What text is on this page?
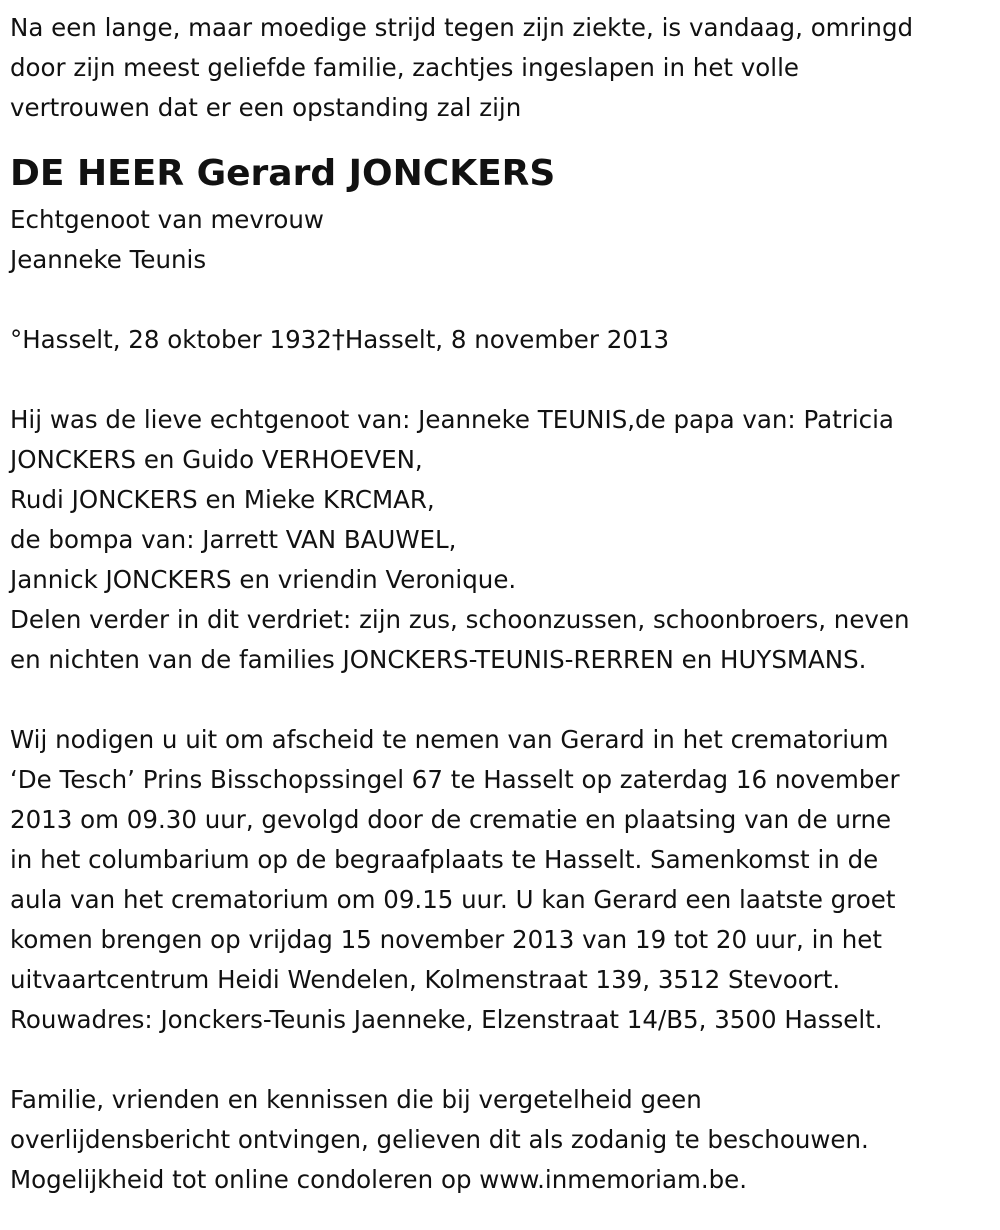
Na een lange, maar moedige strijd tegen zijn ziekte, is vandaag, omringd

door zijn meest geliefde familie, zachtjes ingeslapen in het volle

vertrouwen dat er een opstanding zal zijn

DE HEER Gerard JONCKERS

Echtgenoot van mevrouw

Jeanneke Teunis

°Hasselt, 28 oktober 1932†Hasselt, 8 november 2013

Hij was de lieve echtgenoot van: Jeanneke TEUNIS,de papa van: Patricia

JONCKERS en Guido VERHOEVEN,

Rudi JONCKERS en Mieke KRCMAR,

de bompa van: Jarrett VAN BAUWEL,

Jannick JONCKERS en vriendin Veronique.

Delen verder in dit verdriet: zijn zus, schoonzussen, schoonbroers, neven

en nichten van de families JONCKERS-TEUNIS-RERREN en HUYSMANS.

Wij nodigen u uit om afscheid te nemen van Gerard in het crematorium

‘De Tesch’ Prins Bisschopssingel 67 te Hasselt op zaterdag 16 november

2013 om 09.30 uur, gevolgd door de crematie en plaatsing van de urne

in het columbarium op de begraafplaats te Hasselt. Samenkomst in de

aula van het crematorium om 09.15 uur. U kan Gerard een laatste groet

komen brengen op vrijdag 15 november 2013 van 19 tot 20 uur, in het

uitvaartcentrum Heidi Wendelen, Kolmenstraat 139, 3512 Stevoort.

Rouwadres: Jonckers-Teunis Jaenneke, Elzenstraat 14/B5, 3500 Hasselt.

Familie, vrienden en kennissen die bij vergetelheid geen

overlijdensbericht ontvingen, gelieven dit als zodanig te beschouwen.

Mogelijkheid tot online condoleren op www.inmemoriam.be.
